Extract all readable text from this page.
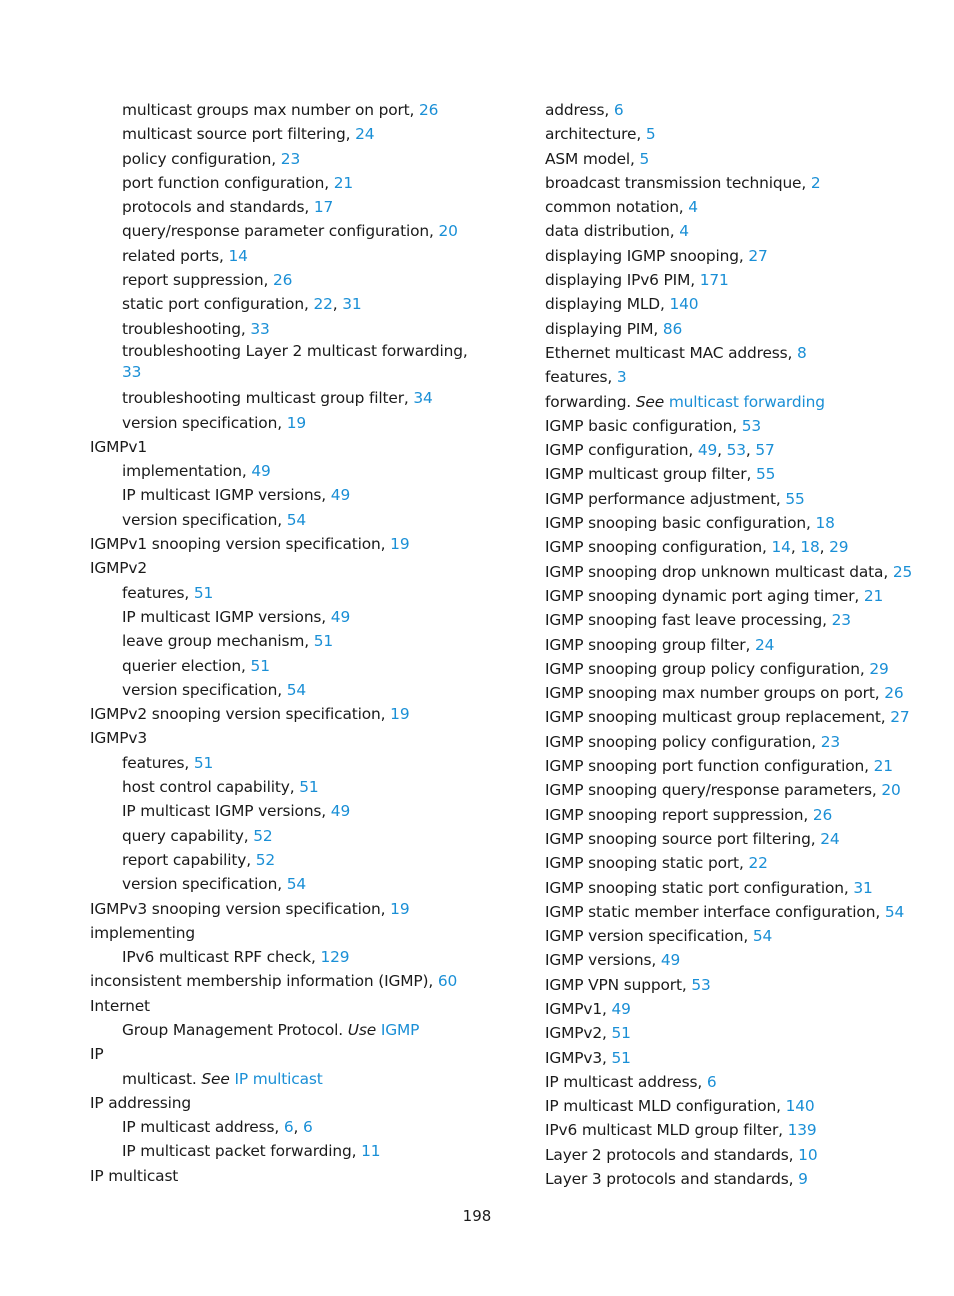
multicast groups max number on port, 26
multicast source port filtering, 24
policy configuration, 23
port function configuration, 21
protocols and standards, 17
query/response parameter configuration, 20
related ports, 14
report suppression, 26
static port configuration, 22, 31
troubleshooting, 33
troubleshooting Layer 2 multicast forwarding, 33
troubleshooting multicast group filter, 34
version specification, 19
IGMPv1
implementation, 49
IP multicast IGMP versions, 49
version specification, 54
IGMPv1 snooping version specification, 19
IGMPv2
features, 51
IP multicast IGMP versions, 49
leave group mechanism, 51
querier election, 51
version specification, 54
IGMPv2 snooping version specification, 19
IGMPv3
features, 51
host control capability, 51
IP multicast IGMP versions, 49
query capability, 52
report capability, 52
version specification, 54
IGMPv3 snooping version specification, 19
implementing
IPv6 multicast RPF check, 129
inconsistent membership information (IGMP), 60
Internet
Group Management Protocol. Use IGMP
IP
multicast. See IP multicast
IP addressing
IP multicast address, 6, 6
IP multicast packet forwarding, 11
IP multicast
address, 6
architecture, 5
ASM model, 5
broadcast transmission technique, 2
common notation, 4
data distribution, 4
displaying IGMP snooping, 27
displaying IPv6 PIM, 171
displaying MLD, 140
displaying PIM, 86
Ethernet multicast MAC address, 8
features, 3
forwarding. See multicast forwarding
IGMP basic configuration, 53
IGMP configuration, 49, 53, 57
IGMP multicast group filter, 55
IGMP performance adjustment, 55
IGMP snooping basic configuration, 18
IGMP snooping configuration, 14, 18, 29
IGMP snooping drop unknown multicast data, 25
IGMP snooping dynamic port aging timer, 21
IGMP snooping fast leave processing, 23
IGMP snooping group filter, 24
IGMP snooping group policy configuration, 29
IGMP snooping max number groups on port, 26
IGMP snooping multicast group replacement, 27
IGMP snooping policy configuration, 23
IGMP snooping port function configuration, 21
IGMP snooping query/response parameters, 20
IGMP snooping report suppression, 26
IGMP snooping source port filtering, 24
IGMP snooping static port, 22
IGMP snooping static port configuration, 31
IGMP static member interface configuration, 54
IGMP version specification, 54
IGMP versions, 49
IGMP VPN support, 53
IGMPv1, 49
IGMPv2, 51
IGMPv3, 51
IP multicast address, 6
IP multicast MLD configuration, 140
IPv6 multicast MLD group filter, 139
Layer 2 protocols and standards, 10
Layer 3 protocols and standards, 9
198
